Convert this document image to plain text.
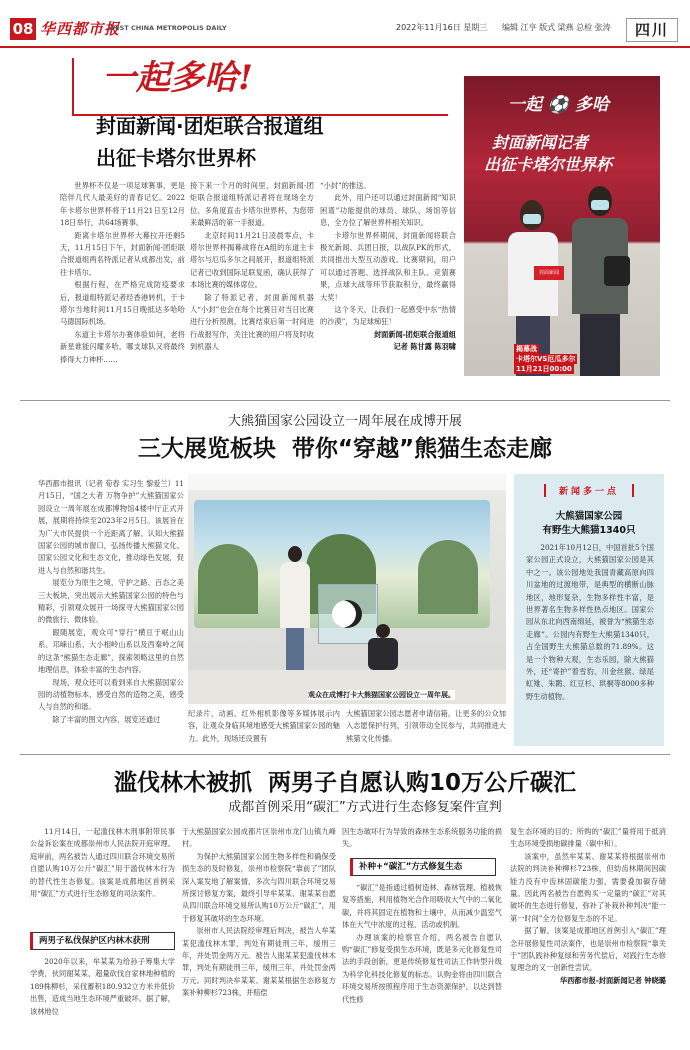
08 华西都市报
WEST CHINA METROPOLIS DAILY	2022年11月16日 星期三 编辑 江亨 版式 梁燕 总检 张涛	四川
一起多哈!
封面新闻·团炬联合报道组
出征卡塔尔世界杯

世界杯不仅是一项足球赛事，更是陪伴几代人最美好的青春记忆。2022年卡塔尔世界杯将于11月21日至12月18日举行，共64场赛事。

距离卡塔尔世界杯大幕拉开还剩5天，11月15日下午，封面新闻-团炬联合报道组两名特派记者从成都出发，前往卡塔尔。

根据行程，在严格完成防疫要求后，报道组特派记者经香港转机，于卡塔尔当地时间11月15日晚抵达多哈哈马德国际机场。

东道主卡塔尔办赛体验如何，老将新星谁能闪耀多哈，哪支球队又将最终捧得大力神杯……

接下来一个月的时间里，封面新闻-团炬联合报道组特派记者将在现场全方位、多角度直击卡塔尔世界杯，为您带来最鲜活的第一手报道。

北京时间11月21日凌晨零点，卡塔尔世界杯揭幕战将在A组的东道主卡塔尔与厄瓜多尔之间展开，报道组特派记者已收到国际足联复函，确认获得了本场比赛的媒体席位。

除了特派记者，封面新闻机器人“小封”也会在每个比赛日对当日比赛进行分析预测，比赛结束后第一时间进行战报写作，关注比赛的用户将及时收到机器人

“小封”的推送。

此外，用户还可以通过封面新闻“知识困谱”功能提供的球员、球队、场馆等信息，全方位了解世界杯相关知识。

卡塔尔世界杯期间，封面新闻将联合极光新闻、兵团日报，以战队PK的形式，共同推出大型互动游戏。比赛期间，用户可以通过答题、选择战队和主队、竞猜赛果，点球大战等环节获取积分，最终赢得大奖！

这个冬天，让我们一起感受中东“热情的沙漠”，为足球痴狂！

封面新闻-团炬联合报道组

记者 陈甘露 陈羽啸

一起 ⚽ 多哈
封面新闻记者
出征卡塔尔世界杯
封面新闻
揭幕战
卡塔尔VS厄瓜多尔
11月21日00:00
大熊猫国家公园设立一周年展在成博开展
三大展览板块  带你“穿越”熊猫生态走廊

华西都市报讯（记者 荀春 实习生 黎爱兰）11月15日，“国之大者 万物争护”大熊猫国家公园设立一周年展在成都博物馆4楼中厅正式开展，展期将持续至2023年2月5日。该展旨在为广大市民提供一个近距离了解、认知大熊猫国家公园的城市窗口，弘扬传播大熊猫文化、国家公园文化和生态文化，推动绿色发展，促进人与自然和谐共生。

展览分为原生之境、守护之路、百态之美三大板块，突出展示大熊猫国家公园的特色与精彩，引领观众展开一场探寻大熊猫国家公园的微旅行、微体验。

跟随展览，观众可“穿行”横亘于岷山山系、邛崃山系、大小相岭山系以及西秦岭之间的这条“熊猫生态走廊”，探索领略这里的自然地理信息，体验丰富的生态内容。

现场，观众还可以看到来自大熊猫国家公园的动植物标本，感受自然的造物之美，感受人与自然的和谐。

除了丰富的图文内容，展览还通过

观众在成博打卡大熊猫国家公园设立一周年展。
纪录片、动画、红外相机影像等多媒体展示内容，让观众身临其境地感受大熊猫国家公园的魅力。此外，现场还设置有
大熊猫国家公园志愿者申请信箱，让更多的公众加入志愿保护行列，引领带动全民参与，共同推进大熊猫文化传播。
新闻多一点
大熊猫国家公园
有野生大熊猫1340只

2021年10月12日，中国首批5个国家公园正式设立，大熊猫国家公园是其中之一。该公园地处我国青藏高原向四川盆地的过渡地带，是典型的横断山脉地区，地形复杂，生物多样性丰富，是世界著名生物多样性热点地区。国家公园从东北向西南绵延，被誉为“熊猫生态走廊”。公园内有野生大熊猫1340只，占全国野生大熊猫总数的71.89%。这是一个物种大观，生态乐园，除大熊猫外，还“寄护”着雪豹、川金丝猴、绿尾虹雉、朱鹮、红豆杉、珙桐等8000多种野生动植物。

滥伐林木被抓  两男子自愿认购10万公斤碳汇
成都首例采用“碳汇”方式进行生态修复案件宣判

11月14日，一起滥伐林木刑事附带民事公益诉讼案在成都崇州市人民法院开庭审理。庭审前，两名被告人通过四川联合环境交易所自愿认购10万公斤“碳汇”用于滥伐林木行为的替代性生态修复。该案是成都地区首例采用“碳汇”方式进行生态修复的司法案件。

两男子私伐保护区内林木获刑

2020年以来，牟某某为给孙子筹集大学学费，伙同谢某某，超量砍伐自家林地种植的189株柳杉，采伐蓄积180.932立方米并低价出售，造成当地生态环境严重破坏。据了解，该林地位

于大熊猫国家公园成都片区崇州市龙门山镇九峰村。

为保护大熊猫国家公园生物多样性和确保受损生态的及时修复，崇州市检察院“靠前了”团队深入案发地了解案情，多次与四川联合环境交易所探讨修复方案，最终引导牟某某、谢某某自愿从四川联合环境交易所认购10万公斤“碳汇”，用于修复其破坏的生态环境。

崇州市人民法院经审理后判决，被告人牟某某犯滥伐林木罪，判处有期徒刑三年，缓刑三年，并处罚金两万元。被告人谢某某犯滥伐林木罪，判处有期徒刑三年，缓刑三年，并处罚金两万元。同时判决牟某某、谢某某根据生态修复方案补种柳杉723株，并赔偿

因生态破坏行为导致的森林生态系统服务功能的损失。

补种+“碳汇”方式修复生态

“碳汇”是指通过植树造林、森林管理、植被恢复等措施，利用植物光合作用吸收大气中的二氧化碳，并将其固定在植物和土壤中，从而减少温室气体在大气中浓度的过程、活动或机制。

办理该案的检察官介绍，两名被告自愿认购“碳汇”修复受损生态环境，既是多元化修复性司法的手段创新，更是传统修复性司法工作转型升级为科学化科技化修复的标志。认购金将由四川联合环境交易所按照程序用于生态资源保护，以达到替代性修

复生态环境的目的；所购的“碳汇”量将用于抵消生态环境受损地碳排量（碳中和）。

该案中，虽然牟某某、谢某某将根据崇州市法院的判决补种柳杉723株，但幼齿林期间因碳能力没有中齿林固碳能力强，需要叠加碳存储量。因此两名被告自愿购买一定量的“碳汇”对其破坏的生态进行修复，弥补了补栽补种判决“能一第一时间”全方位修复生态的不足。

据了解，该案是成都地区首例引入“碳汇”理念开展修复性司法案件，也是崇州市检察院“靠关于”团队践补种复绿和劳务代偿后，对践行生态修复理念的又一创新性尝试。

华西都市报-封面新闻记者 钟晓璐
